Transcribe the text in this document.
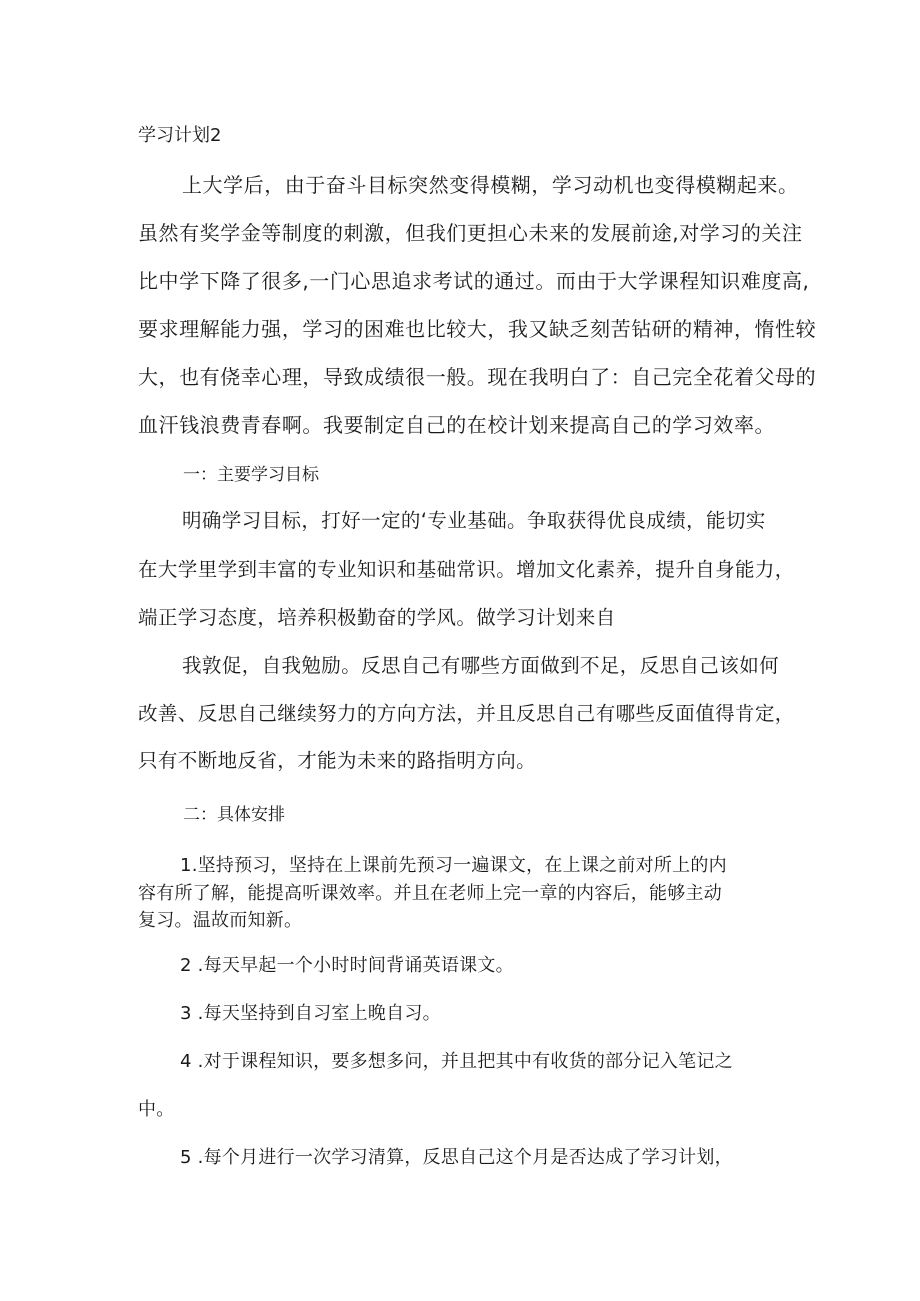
学习计划2

上大学后，由于奋斗目标突然变得模糊，学习动机也变得模糊起来。

虽然有奖学金等制度的刺激，但我们更担心未来的发展前途,对学习的关注

比中学下降了很多,一门心思追求考试的通过。而由于大学课程知识难度高,

要求理解能力强，学习的困难也比较大，我又缺乏刻苦钻研的精神，惰性较

大，也有侥幸心理，导致成绩很一般。现在我明白了：自己完全花着父母的

血汗钱浪费青春啊。我要制定自己的在校计划来提高自己的学习效率。

一：主要学习目标

明确学习目标，打好一定的‘专业基础。争取获得优良成绩，能切实

在大学里学到丰富的专业知识和基础常识。增加文化素养，提升自身能力，

端正学习态度，培养积极勤奋的学风。做学习计划来自

我敦促，自我勉励。反思自己有哪些方面做到不足，反思自己该如何

改善、反思自己继续努力的方向方法，并且反思自己有哪些反面值得肯定，

只有不断地反省，才能为未来的路指明方向。

二：具体安排

1.坚持预习，坚持在上课前先预习一遍课文，在上课之前对所上的内

容有所了解，能提高听课效率。并且在老师上完一章的内容后，能够主动

复习。温故而知新。

2 .每天早起一个小时时间背诵英语课文。

3 .每天坚持到自习室上晚自习。

4 .对于课程知识，要多想多问，并且把其中有收货的部分记入笔记之

中。

5 .每个月进行一次学习清算，反思自己这个月是否达成了学习计划，
